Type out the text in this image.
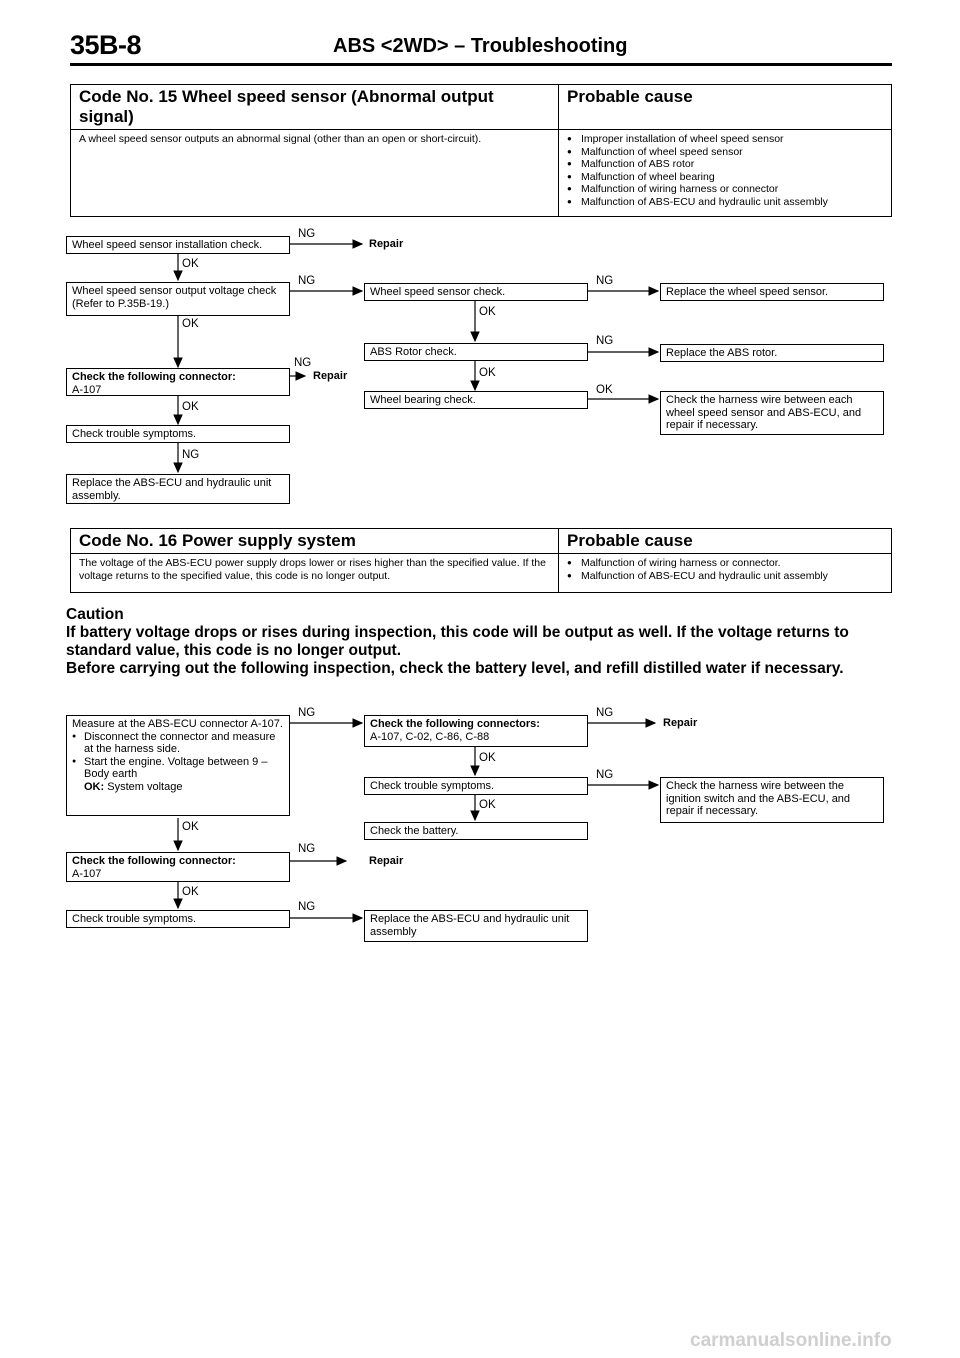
35B-8	ABS <2WD> – Troubleshooting
Code No. 15 Wheel speed sensor (Abnormal output signal)
Probable cause
A wheel speed sensor outputs an abnormal signal (other than an open or short-circuit).
●	Improper installation of wheel speed sensor
● Malfunction of wheel speed sensor
● Malfunction of ABS rotor
● Malfunction of wheel bearing
● Malfunction of wiring harness or connector
● Malfunction of ABS-ECU and hydraulic unit assembly
Wheel speed sensor installation check.
NG
Repair
OK
Wheel speed sensor output voltage check (Refer to P.35B-19.)
NG
OK
Check the following connector:
A-107
NG
Repair
OK
Check trouble symptoms.
NG
Replace the ABS-ECU and hydraulic unit assembly.
Wheel speed sensor check.
OK
NG
Replace the wheel speed sensor.
ABS Rotor check.
OK
NG
Replace the ABS rotor.
Wheel bearing check.
OK
Check the harness wire between each wheel speed sensor and ABS-ECU, and repair if necessary.
Code No. 16 Power supply system	Probable cause
The voltage of the ABS-ECU power supply drops lower or rises higher than the specified value. If the voltage returns to the specified value, this code is no longer output.
● Malfunction of wiring harness or connector.
● Malfunction of ABS-ECU and hydraulic unit assembly

Caution

If battery voltage drops or rises during inspection, this code will be output as well. If the voltage returns to standard value, this code is no longer output.

Before carrying out the following inspection, check the battery level, and refill distilled water if necessary.

Measure at the ABS-ECU connector A-107.
● Disconnect the connector and measure at the harness side.
● Start the engine. Voltage between 9 – Body earth
OK: System voltage
NG
OK
Check the following connectors:
A-107, C-02, C-86, C-88
NG
Repair
OK
Check trouble symptoms.
NG
Check the harness wire between the ignition switch and the ABS-ECU, and repair if necessary.
OK
Check the battery.
Check the following connector:
A-107
NG
Repair
OK
Check trouble symptoms.
NG
Replace the ABS-ECU and hydraulic unit assembly
carmanualsonline.info
